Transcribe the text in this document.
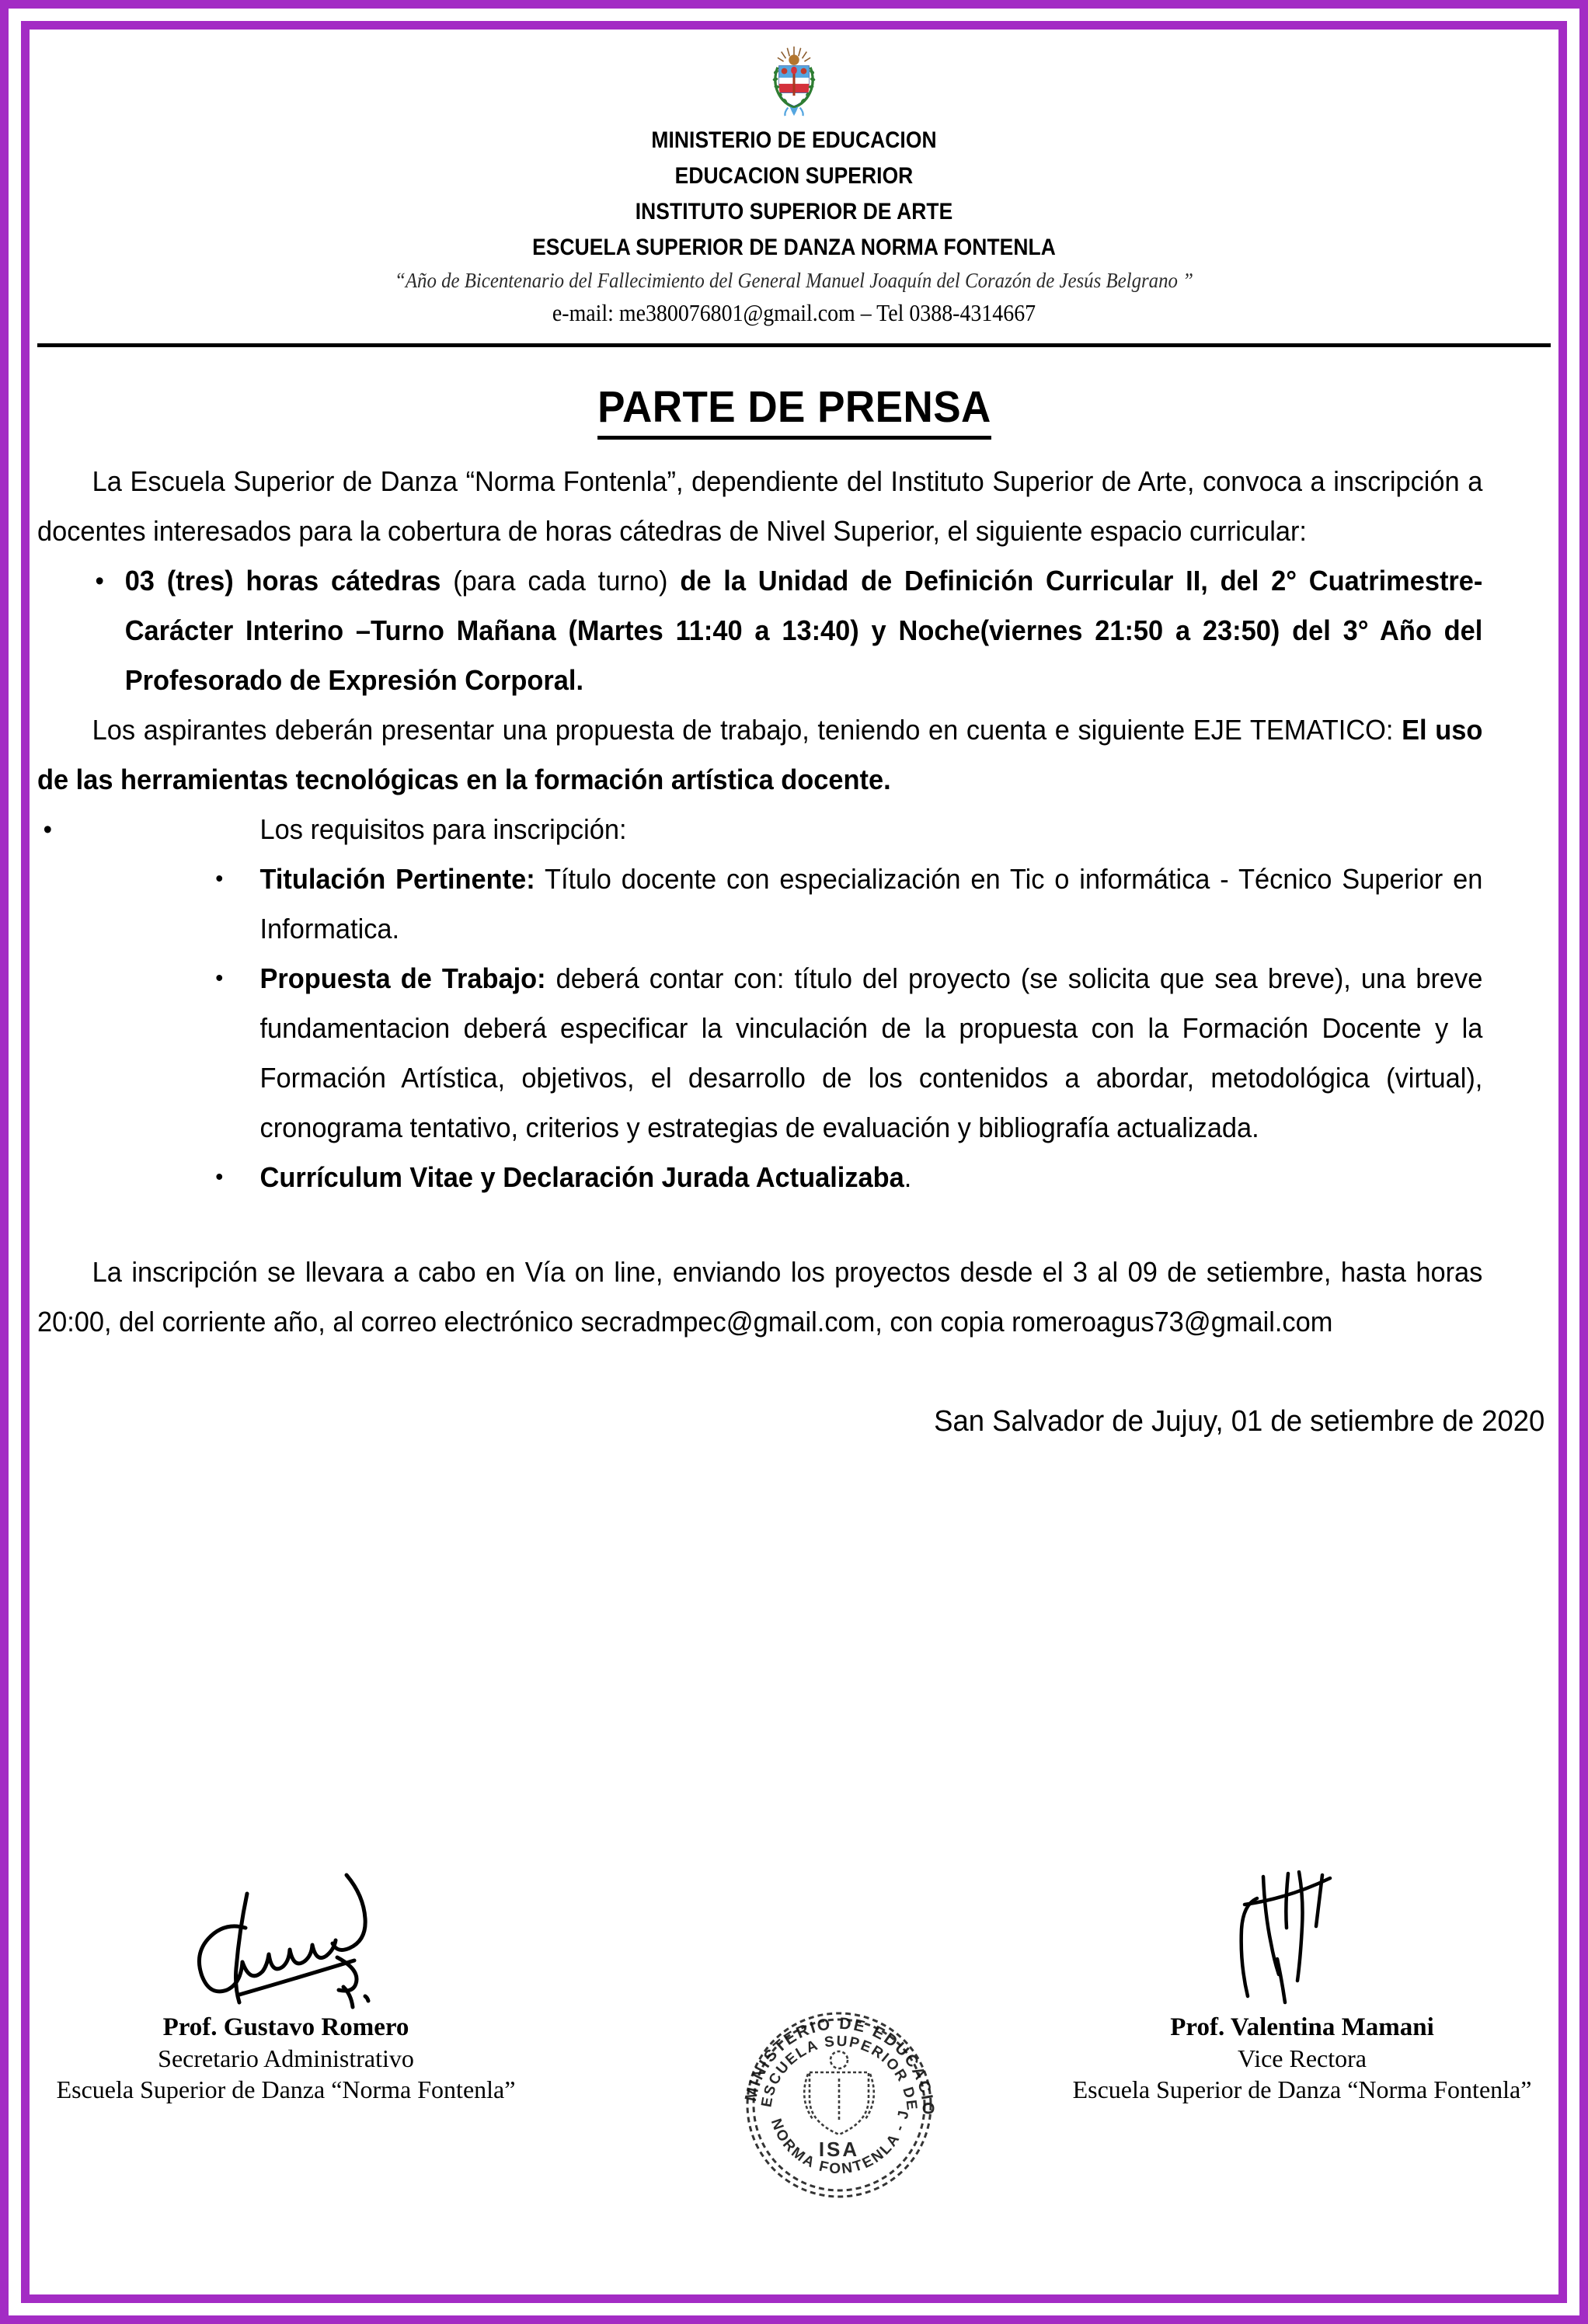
MINISTERIO DE EDUCACION
EDUCACION SUPERIOR
INSTITUTO SUPERIOR DE ARTE
ESCUELA SUPERIOR DE DANZA NORMA FONTENLA
“Año de Bicentenario del Fallecimiento del General Manuel Joaquín del Corazón de Jesús Belgrano ”
e-mail: me380076801@gmail.com – Tel 0388-4314667
PARTE DE PRENSA

La Escuela Superior de Danza “Norma Fontenla”, dependiente del Instituto Superior de Arte, convoca a inscripción a docentes interesados para la cobertura de horas cátedras de Nivel Superior, el siguiente espacio curricular:

• 03 (tres) horas cátedras (para cada turno) de la Unidad de Definición Curricular II, del 2° Cuatrimestre- Carácter Interino –Turno Mañana (Martes 11:40 a 13:40) y Noche(viernes 21:50 a 23:50) del 3° Año del Profesorado de Expresión Corporal.

Los aspirantes deberán presentar una propuesta de trabajo, teniendo en cuenta e siguiente EJE TEMATICO: El uso de las herramientas tecnológicas en la formación artística docente.

• Los requisitos para inscripción:
• Titulación Pertinente: Título docente con especialización en Tic o informática - Técnico Superior en Informatica.
• Propuesta de Trabajo: deberá contar con: título del proyecto (se solicita que sea breve), una breve fundamentacion deberá especificar la vinculación de la propuesta con la Formación Docente y la Formación Artística, objetivos, el desarrollo de los contenidos a abordar, metodológica (virtual), cronograma tentativo, criterios y estrategias de evaluación y bibliografía actualizada.
• Currículum Vitae y Declaración Jurada Actualizaba.

La inscripción se llevara a cabo en Vía on line, enviando los proyectos desde el 3 al 09 de setiembre, hasta horas 20:00, del corriente año, al correo electrónico secradmpec@gmail.com, con copia romeroagus73@gmail.com

San Salvador de Jujuy, 01 de setiembre de 2020
MINISTERIO DE EDUCACIO
ESCUELA SUPERIOR DE
NORMA FONTENLA - J
ISA
Prof. Gustavo Romero
Secretario Administrativo
Escuela Superior de Danza “Norma Fontenla”
Prof. Valentina Mamani
Vice Rectora
Escuela Superior de Danza “Norma Fontenla”
